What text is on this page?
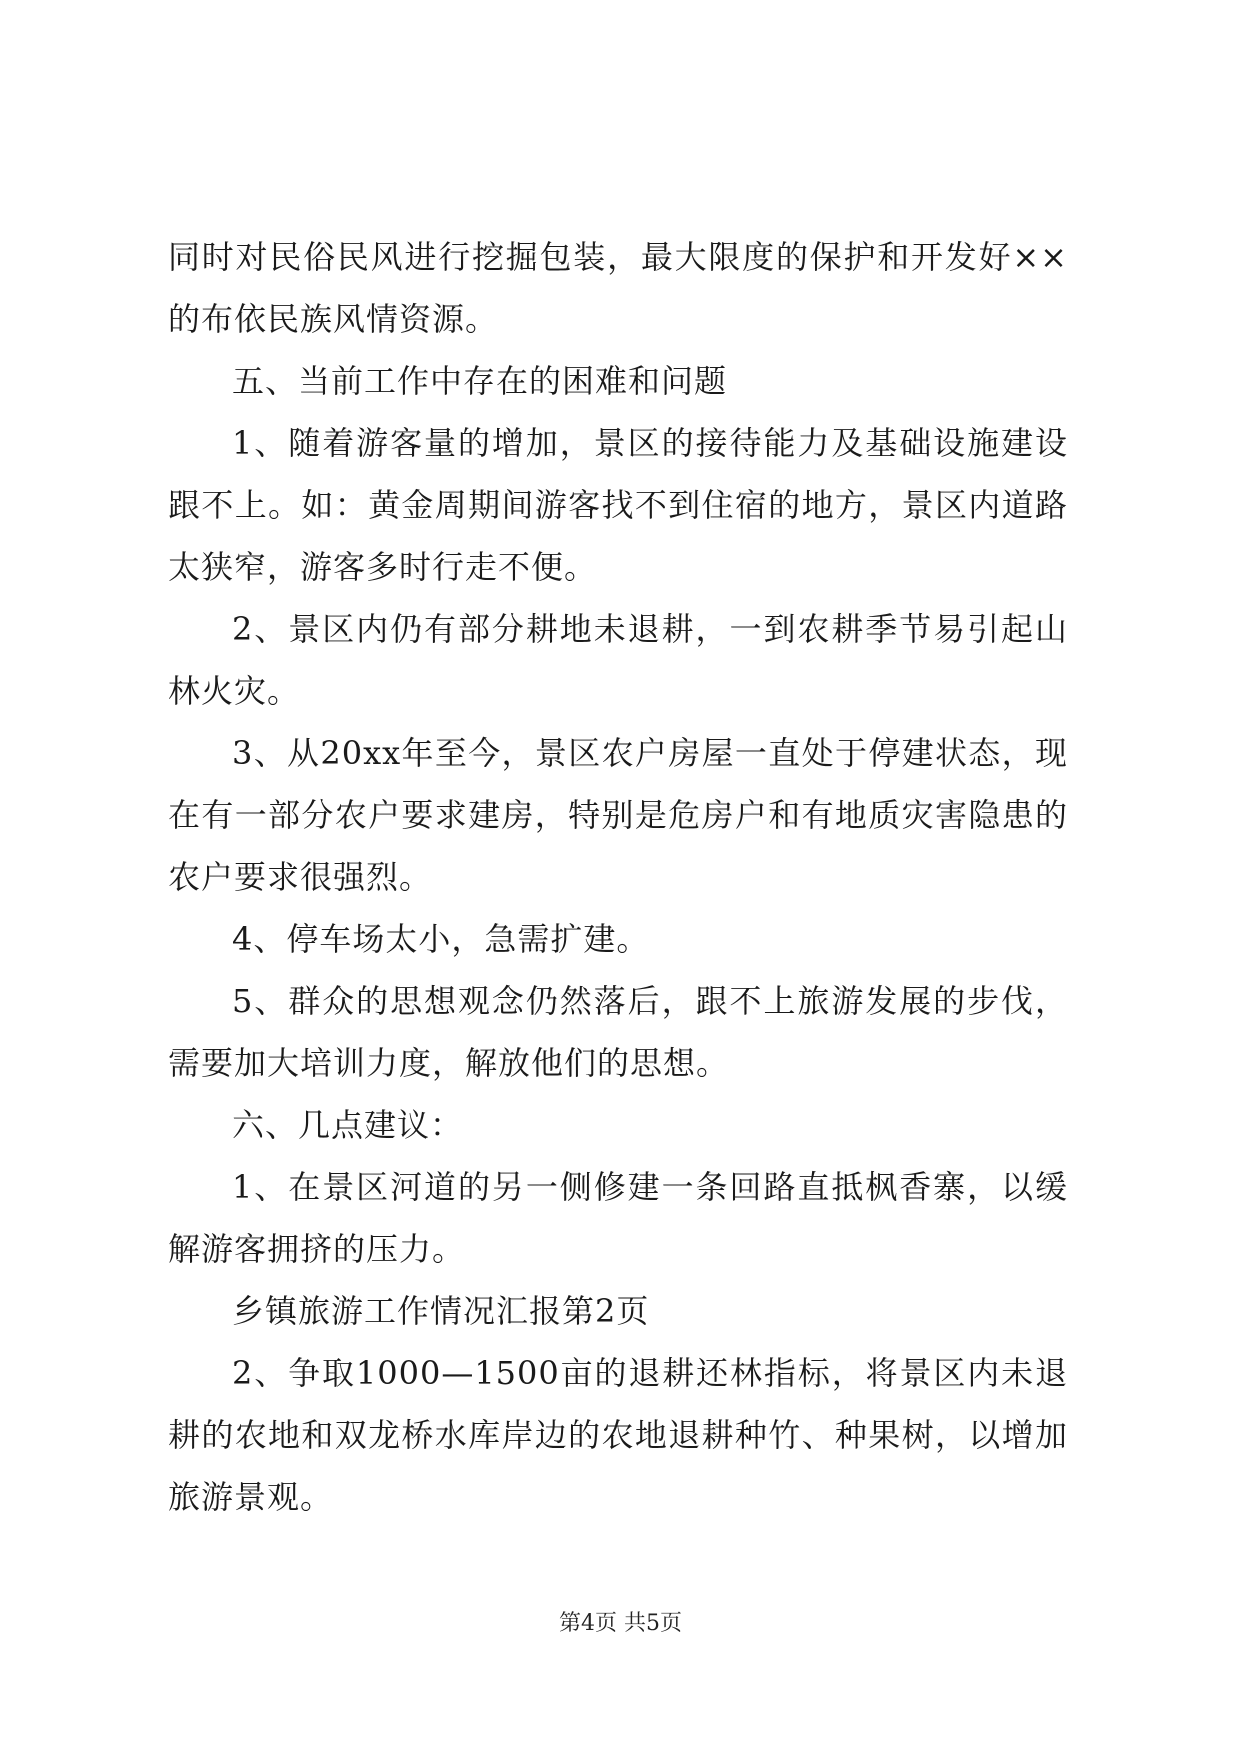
同时对民俗民风进行挖掘包装，最大限度的保护和开发好××的布依民族风情资源。

五、当前工作中存在的困难和问题

1、随着游客量的增加，景区的接待能力及基础设施建设跟不上。如：黄金周期间游客找不到住宿的地方，景区内道路太狭窄，游客多时行走不便。

2、景区内仍有部分耕地未退耕，一到农耕季节易引起山林火灾。

3、从20xx年至今，景区农户房屋一直处于停建状态，现在有一部分农户要求建房，特别是危房户和有地质灾害隐患的农户要求很强烈。

4、停车场太小，急需扩建。

5、群众的思想观念仍然落后，跟不上旅游发展的步伐，需要加大培训力度，解放他们的思想。

六、几点建议：

1、在景区河道的另一侧修建一条回路直抵枫香寨，以缓解游客拥挤的压力。

乡镇旅游工作情况汇报第2页

2、争取1000—1500亩的退耕还林指标，将景区内未退耕的农地和双龙桥水库岸边的农地退耕种竹、种果树，以增加旅游景观。

第4页 共5页
